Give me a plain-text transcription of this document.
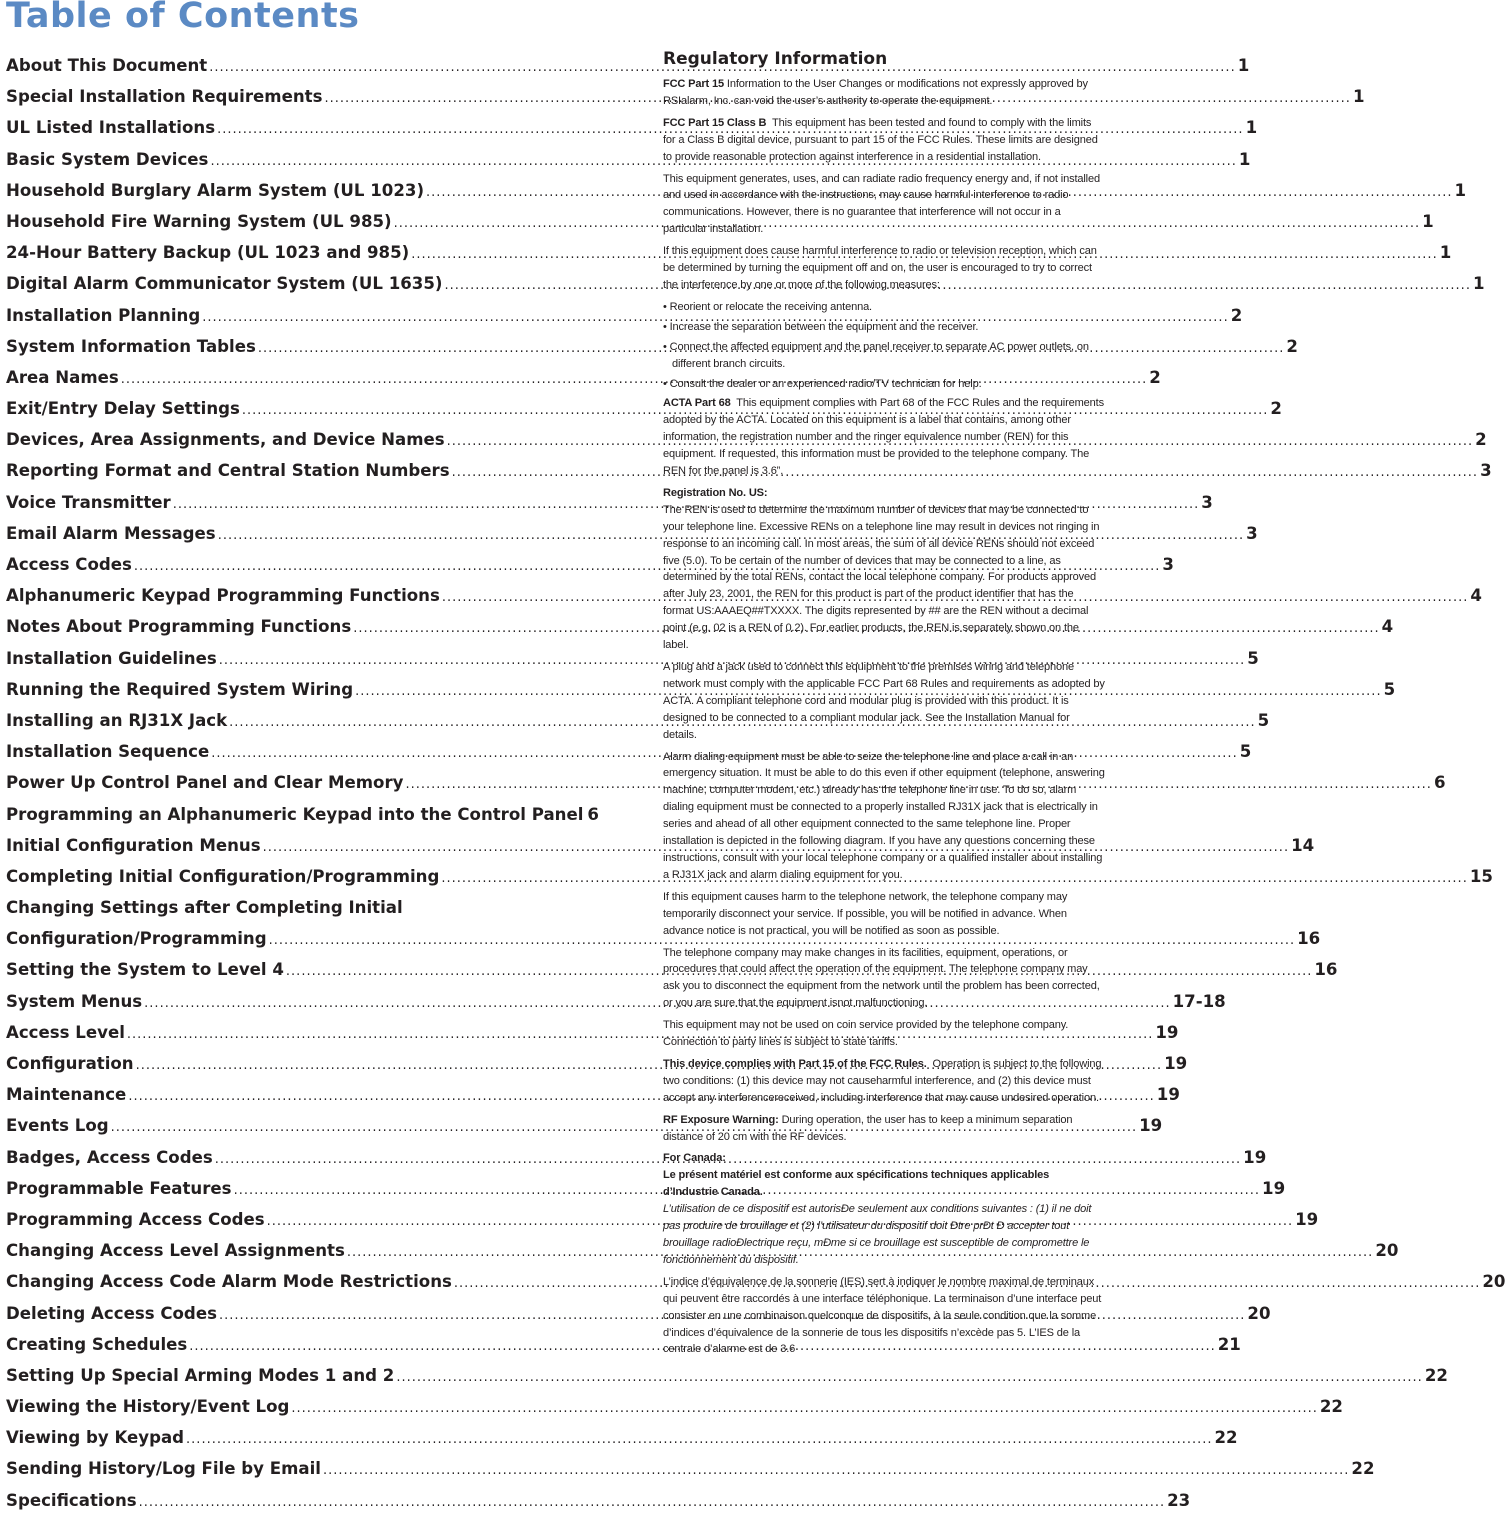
Table of Contents
About This Document .....	1
Special Installation Requirements .....	1
UL Listed Installations .....	1
Basic System Devices .....	1
Household Burglary Alarm System (UL 1023) .....	1
Household Fire Warning System (UL 985) .....	1
24-Hour Battery Backup (UL 1023 and 985) .....	1
Digital Alarm Communicator System (UL 1635) .....	1
Installation Planning .....	2
System Information Tables .....	2
Area Names .....	2
Exit/Entry Delay Settings .....	2
Devices, Area Assignments, and Device Names .....	2
Reporting Format and Central Station Numbers .....	3
Voice Transmitter .....	3
Email Alarm Messages .....	3
Access Codes .....	3
Alphanumeric Keypad Programming Functions .....	4
Notes About Programming Functions .....	4
Installation Guidelines .....	5
Running the Required System Wiring .....	5
Installing an RJ31X Jack .....	5
Installation Sequence .....	5
Power Up Control Panel and Clear Memory .....	6
Programming an Alphanumeric Keypad into the Control Panel 6
Initial Configuration Menus .....	14
Completing Initial Configuration/Programming .....	15
Changing Settings after Completing Initial
Configuration/Programming .....	16
Setting the System to Level 4 .....	16
System Menus .....	17-18
Access Level .....	19
Configuration .....	19
Maintenance .....	19
Events Log .....	19
Badges, Access Codes .....	19
Programmable Features .....	19
Programming Access Codes .....	19
Changing Access Level Assignments .....	20
Changing Access Code Alarm Mode Restrictions .....	20
Deleting Access Codes .....	20
Creating Schedules .....	21
Setting Up Special Arming Modes 1 and 2 .....	22
Viewing the History/Event Log .....	22
Viewing by Keypad .....	22
Sending History/Log File by Email .....	22
Specifications .....	23
Regulatory Information

FCC Part 15 Information to the User Changes or modifications not expressly approved by RSIalarm, Inc. can void the user’s authority to operate the equipment.

FCC Part 15 Class B This equipment has been tested and found to comply with the limits for a Class B digital device, pursuant to part 15 of the FCC Rules. These limits are designed to provide reasonable protection against interference in a residential installation.

This equipment generates, uses, and can radiate radio frequency energy and, if not installed and used in accordance with the instructions, may cause harmful interference to radio communications. However, there is no guarantee that interference will not occur in a particular installation.

If this equipment does cause harmful interference to radio or television reception, which can be determined by turning the equipment off and on, the user is encouraged to try to correct the interference by one or more of the following measures:

• Reorient or relocate the receiving antenna.

• Increase the separation between the equipment and the receiver.

• Connect the affected equipment and the panel receiver to separate AC power outlets, on different branch circuits.

• Consult the dealer or an experienced radio/TV technician for help.

ACTA Part 68 This equipment complies with Part 68 of the FCC Rules and the requirements adopted by the ACTA. Located on this equipment is a label that contains, among other information, the registration number and the ringer equivalence number (REN) for this equipment. If requested, this information must be provided to the telephone company. The REN for the panel is 3.6”.

Registration No. US:
The REN is used to determine the maximum number of devices that may be connected to your telephone line. Excessive RENs on a telephone line may result in devices not ringing in response to an incoming call. In most areas, the sum of all device RENs should not exceed five (5.0). To be certain of the number of devices that may be connected to a line, as determined by the total RENs, contact the local telephone company. For products approved after July 23, 2001, the REN for this product is part of the product identifier that has the format US:AAAEQ##TXXXX. The digits represented by ## are the REN without a decimal point (e.g. 02 is a REN of 0.2). For earlier products, the REN is separately shown on the label.

A plug and a jack used to connect this equipment to the premises wiring and telephone network must comply with the applicable FCC Part 68 Rules and requirements as adopted by ACTA. A compliant telephone cord and modular plug is provided with this product. It is designed to be connected to a compliant modular jack. See the Installation Manual for details.

Alarm dialing equipment must be able to seize the telephone line and place a call in an emergency situation. It must be able to do this even if other equipment (telephone, answering machine, computer modem, etc.) already has the telephone line in use. To do so, alarm dialing equipment must be connected to a properly installed RJ31X jack that is electrically in series and ahead of all other equipment connected to the same telephone line. Proper installation is depicted in the following diagram. If you have any questions concerning these instructions, consult with your local telephone company or a qualified installer about installing a RJ31X jack and alarm dialing equipment for you.

If this equipment causes harm to the telephone network, the telephone company may temporarily disconnect your service. If possible, you will be notified in advance. When advance notice is not practical, you will be notified as soon as possible.

The telephone company may make changes in its facilities, equipment, operations, or procedures that could affect the operation of the equipment. The telephone company may ask you to disconnect the equipment from the network until the problem has been corrected, or you are sure that the equipment isnot malfunctioning.

This equipment may not be used on coin service provided by the telephone company. Connection to party lines is subject to state tariffs.

This device complies with Part 15 of the FCC Rules. Operation is subject to the following two conditions: (1) this device may not causeharmful interference, and (2) this device must accept any interferencereceived, including interference that may cause undesired operation.

RF Exposure Warning: During operation, the user has to keep a minimum separation distance of 20 cm with the RF devices.

For Canada:
Le présent matériel est conforme aux spécifications techniques applicables d’Industrie Canada.
L’utilisation de ce dispositif est autorisÐe seulement aux conditions suivantes : (1) il ne doit pas produire de brouillage et (2) l’utilisateur du dispositif doit Ðtre prÐt Ð accepter tout brouillage radioÐlectrique reçu, mÐme si ce brouillage est susceptible de compromettre le fonctionnement du dispositif.

L’indice d’équivalence de la sonnerie (IES) sert à indiquer le nombre maximal de terminaux qui peuvent être raccordés à une interface téléphonique. La terminaison d’une interface peut consister en une combinaison quelconque de dispositifs, à la seule condition que la somme d’indices d’équivalence de la sonnerie de tous les dispositifs n’excède pas 5. L’IES de la centrale d’alarme est de 3.6
